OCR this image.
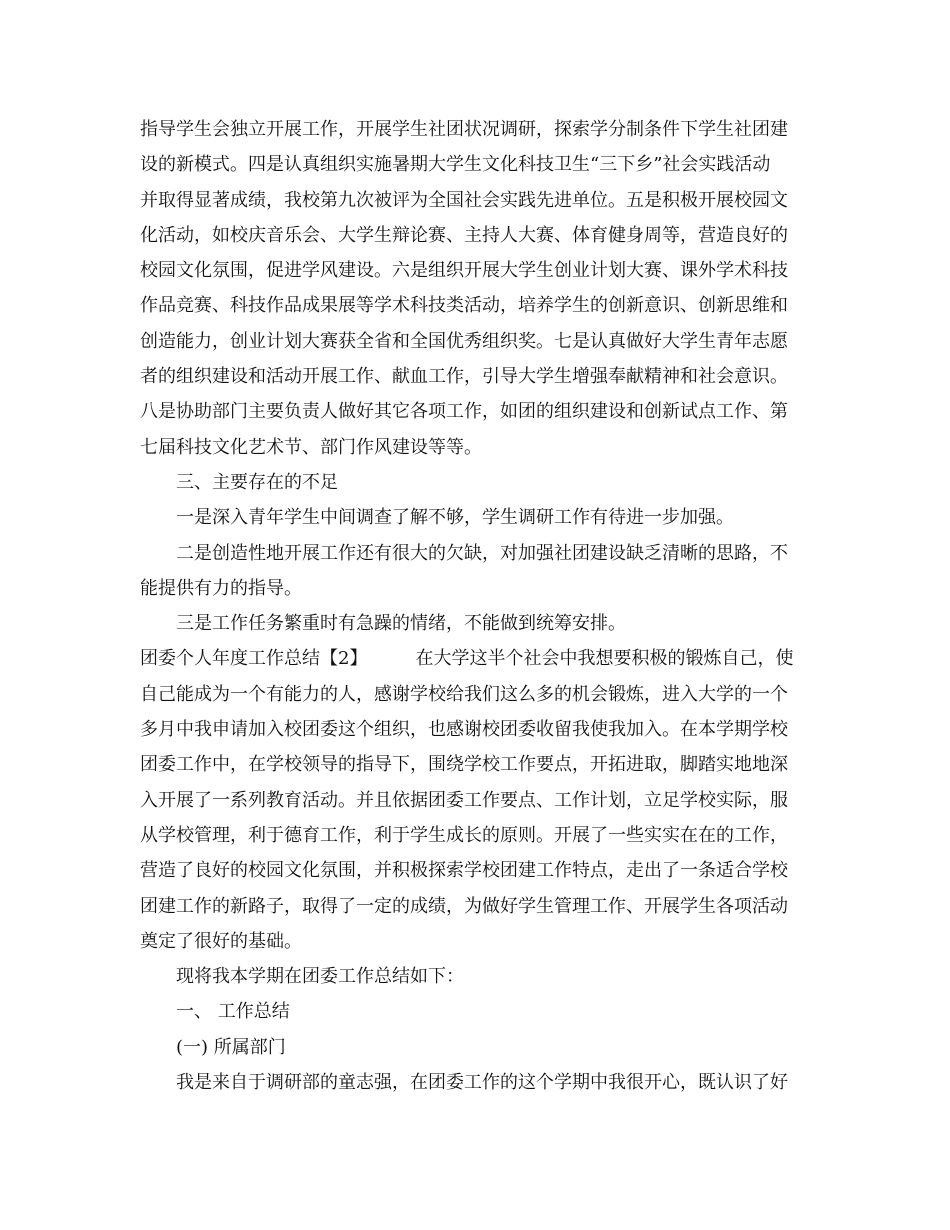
指导学生会独立开展工作，开展学生社团状况调研，探索学分制条件下学生社团建
设的新模式。四是认真组织实施暑期大学生文化科技卫生“三下乡”社会实践活动
并取得显著成绩，我校第九次被评为全国社会实践先进单位。五是积极开展校园文
化活动，如校庆音乐会、大学生辩论赛、主持人大赛、体育健身周等，营造良好的
校园文化氛围，促进学风建设。六是组织开展大学生创业计划大赛、课外学术科技
作品竞赛、科技作品成果展等学术科技类活动，培养学生的创新意识、创新思维和
创造能力，创业计划大赛获全省和全国优秀组织奖。七是认真做好大学生青年志愿
者的组织建设和活动开展工作、献血工作，引导大学生增强奉献精神和社会意识。
八是协助部门主要负责人做好其它各项工作，如团的组织建设和创新试点工作、第
七届科技文化艺术节、部门作风建设等等。
三、主要存在的不足
一是深入青年学生中间调查了解不够，学生调研工作有待进一步加强。
二是创造性地开展工作还有很大的欠缺，对加强社团建设缺乏清晰的思路，不
能提供有力的指导。
三是工作任务繁重时有急躁的情绪，不能做到统筹安排。
团委个人年度工作总结【2】	在大学这半个社会中我想要积极的锻炼自己，使
自己能成为一个有能力的人，感谢学校给我们这么多的机会锻炼，进入大学的一个
多月中我申请加入校团委这个组织，也感谢校团委收留我使我加入。在本学期学校
团委工作中，在学校领导的指导下，围绕学校工作要点，开拓进取，脚踏实地地深
入开展了一系列教育活动。并且依据团委工作要点、工作计划，立足学校实际，服
从学校管理，利于德育工作，利于学生成长的原则。开展了一些实实在在的工作，
营造了良好的校园文化氛围，并积极探索学校团建工作特点，走出了一条适合学校
团建工作的新路子，取得了一定的成绩，为做好学生管理工作、开展学生各项活动
奠定了很好的基础。
现将我本学期在团委工作总结如下：
一、 工作总结
(一) 所属部门
我是来自于调研部的童志强，在团委工作的这个学期中我很开心，既认识了好
